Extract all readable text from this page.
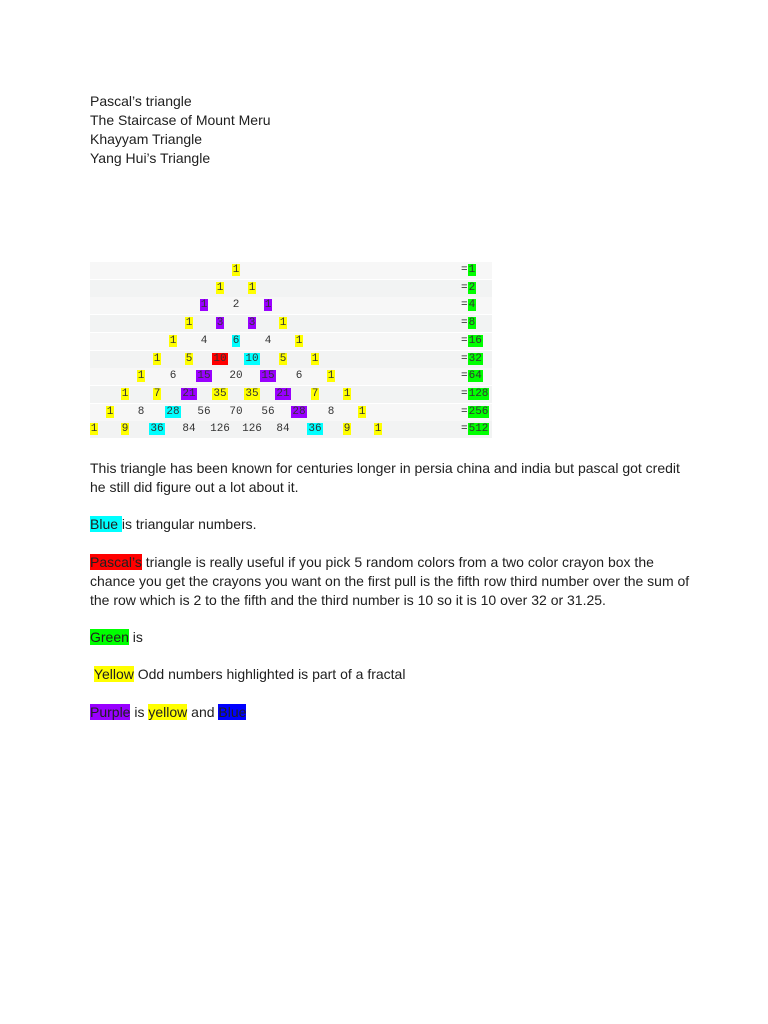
Pascal’s triangle
The Staircase of Mount Meru
Khayyam Triangle
Yang Hui’s Triangle
1	=1
1	1	=2
1	2	1	=4
1	3	3	1	=8
1	4	6	4	1	=16
1	5	10	10	5	1	=32
1	6	15	20	15	6	1	=64
1	7	21	35	35	21	7	1	=128
1	8	28	56	70	56	28	8	1	=256
1	9	36	84	126 126	84	36	9	1	=512
This triangle has been known for centuries longer in persia china and india but pascal got credit he still did figure out a lot about it.
Blue is triangular numbers.
Pascal’s triangle is really useful if you pick 5 random colors from a two color crayon box the chance you get the crayons you want on the first pull is the fifth row third number over the sum of the row which is 2 to the fifth and the third number is 10 so it is 10 over 32 or 31.25.
Green is
Yellow Odd numbers highlighted is part of a fractal
Purple is yellow and Blue
